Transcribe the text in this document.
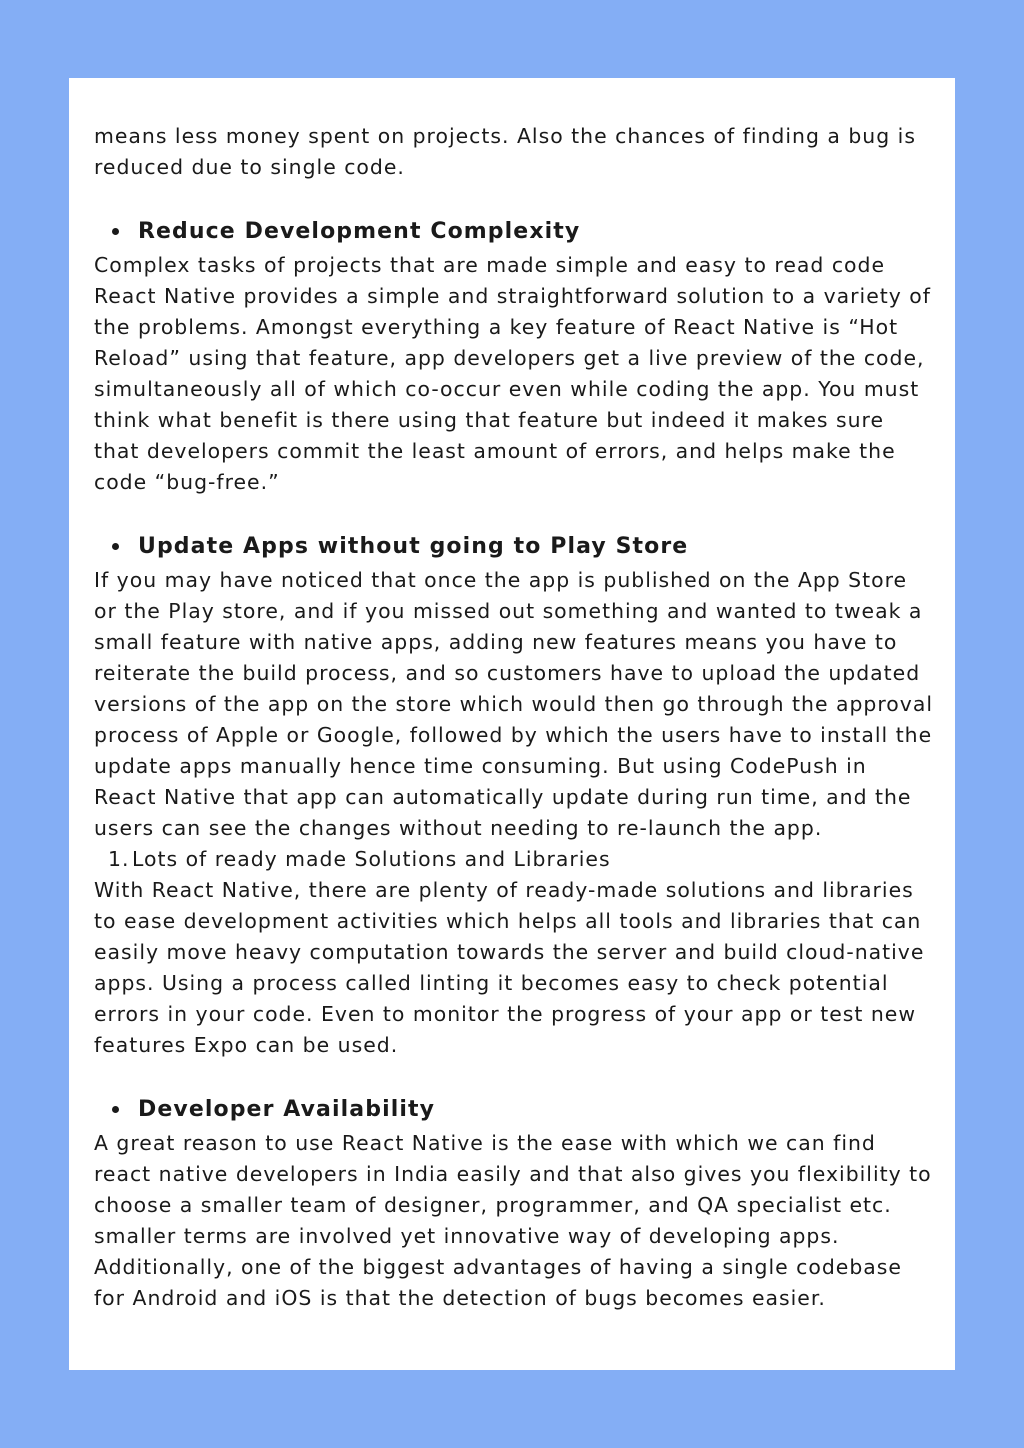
means less money spent on projects. Also the chances of finding a bug is reduced due to single code.

Reduce Development Complexity

Complex tasks of projects that are made simple and easy to read code React Native provides a simple and straightforward solution to a variety of the problems. Amongst everything a key feature of React Native is “Hot Reload” using that feature, app developers get a live preview of the code, simultaneously all of which co-occur even while coding the app. You must think what benefit is there using that feature but indeed it makes sure that developers commit the least amount of errors, and helps make the code “bug-free.”

Update Apps without going to Play Store

If you may have noticed that once the app is published on the App Store or the Play store, and if you missed out something and wanted to tweak a small feature with native apps, adding new features means you have to reiterate the build process, and so customers have to upload the updated versions of the app on the store which would then go through the approval process of Apple or Google, followed by which the users have to install the update apps manually hence time consuming. But using CodePush in React Native that app can automatically update during run time, and the users can see the changes without needing to re-launch the app.

1. Lots of ready made Solutions and Libraries

With React Native, there are plenty of ready-made solutions and libraries to ease development activities which helps all tools and libraries that can easily move heavy computation towards the server and build cloud-native apps. Using a process called linting it becomes easy to check potential errors in your code. Even to monitor the progress of your app or test new features Expo can be used.

Developer Availability

A great reason to use React Native is the ease with which we can find react native developers in India easily and that also gives you flexibility to choose a smaller team of designer, programmer, and QA specialist etc. smaller terms are involved yet innovative way of developing apps. Additionally, one of the biggest advantages of having a single codebase for Android and iOS is that the detection of bugs becomes easier.
